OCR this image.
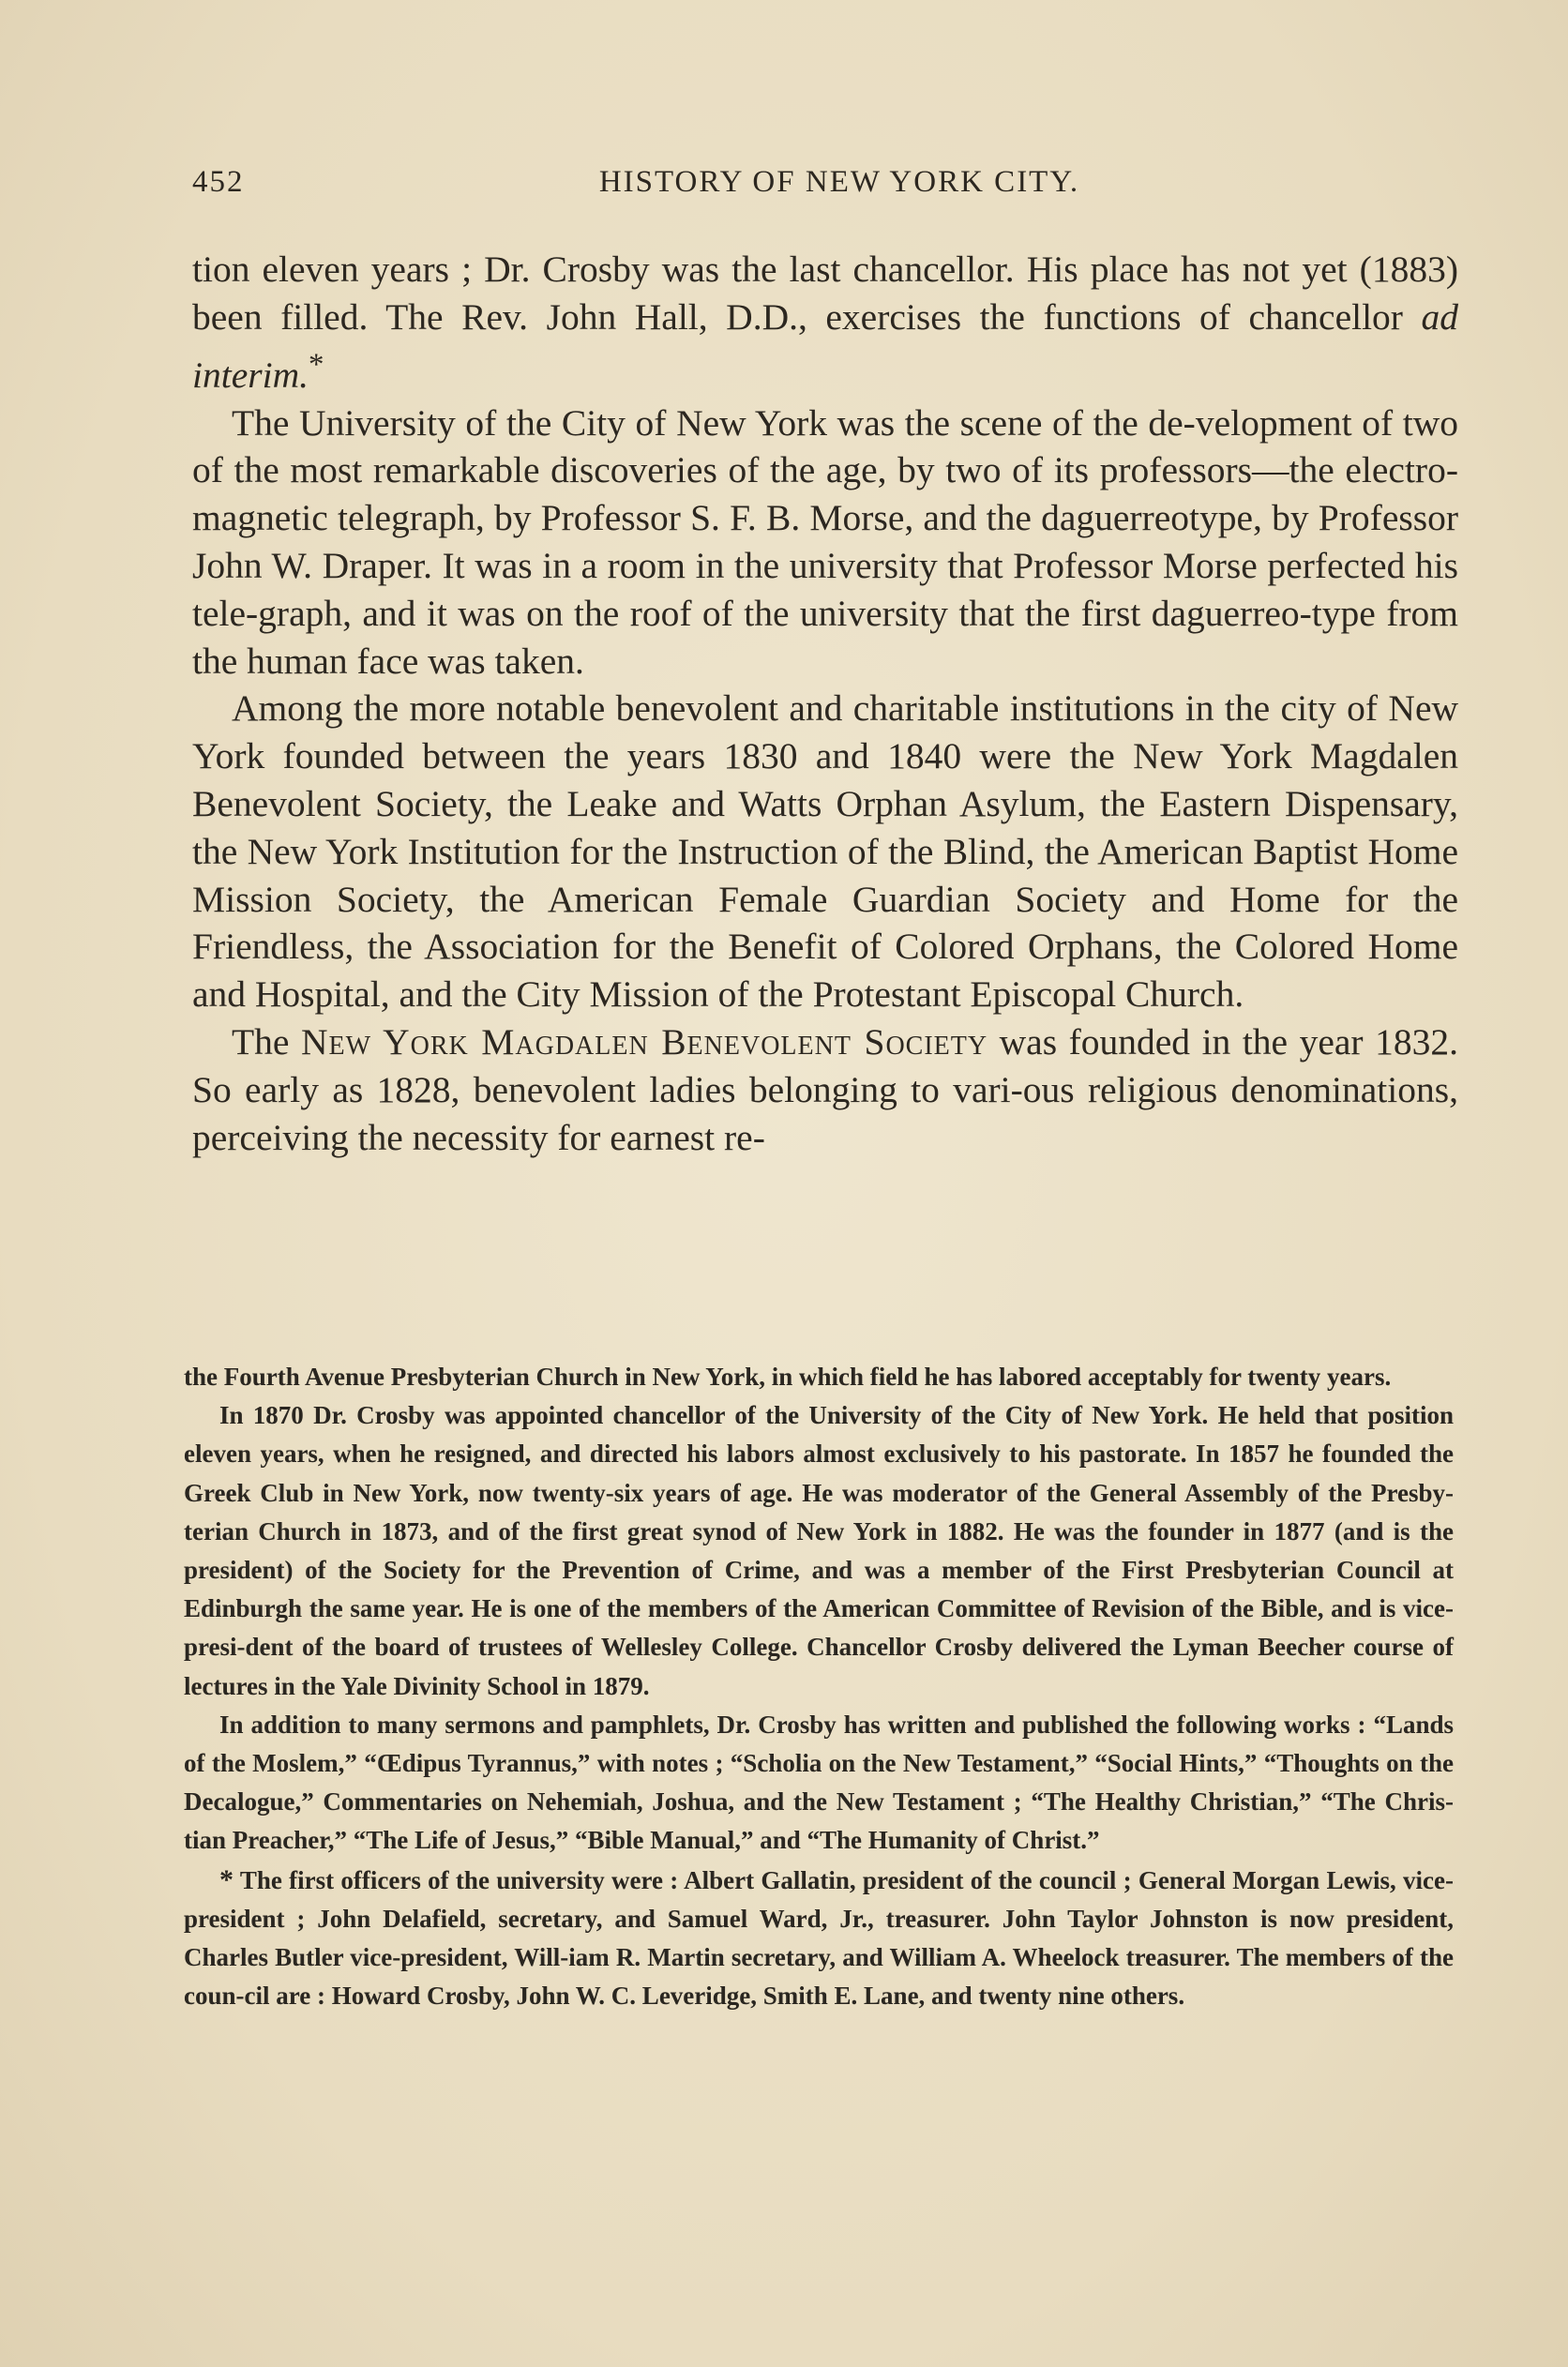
452	HISTORY OF NEW YORK CITY.

tion eleven years ; Dr. Crosby was the last chancellor. His place has not yet (1883) been filled. The Rev. John Hall, D.D., exercises the functions of chancellor ad interim.*

The University of the City of New York was the scene of the de-velopment of two of the most remarkable discoveries of the age, by two of its professors—the electro-magnetic telegraph, by Professor S. F. B. Morse, and the daguerreotype, by Professor John W. Draper. It was in a room in the university that Professor Morse perfected his tele-graph, and it was on the roof of the university that the first daguerreo-type from the human face was taken.

Among the more notable benevolent and charitable institutions in the city of New York founded between the years 1830 and 1840 were the New York Magdalen Benevolent Society, the Leake and Watts Orphan Asylum, the Eastern Dispensary, the New York Institution for the Instruction of the Blind, the American Baptist Home Mission Society, the American Female Guardian Society and Home for the Friendless, the Association for the Benefit of Colored Orphans, the Colored Home and Hospital, and the City Mission of the Protestant Episcopal Church.

The New York Magdalen Benevolent Society was founded in the year 1832. So early as 1828, benevolent ladies belonging to vari-ous religious denominations, perceiving the necessity for earnest re-

the Fourth Avenue Presbyterian Church in New York, in which field he has labored acceptably for twenty years.

In 1870 Dr. Crosby was appointed chancellor of the University of the City of New York. He held that position eleven years, when he resigned, and directed his labors almost exclusively to his pastorate. In 1857 he founded the Greek Club in New York, now twenty-six years of age. He was moderator of the General Assembly of the Presby-terian Church in 1873, and of the first great synod of New York in 1882. He was the founder in 1877 (and is the president) of the Society for the Prevention of Crime, and was a member of the First Presbyterian Council at Edinburgh the same year. He is one of the members of the American Committee of Revision of the Bible, and is vice-presi-dent of the board of trustees of Wellesley College. Chancellor Crosby delivered the Lyman Beecher course of lectures in the Yale Divinity School in 1879.

In addition to many sermons and pamphlets, Dr. Crosby has written and published the following works : “Lands of the Moslem,” “Œdipus Tyrannus,” with notes ; “Scholia on the New Testament,” “Social Hints,” “Thoughts on the Decalogue,” Commentaries on Nehemiah, Joshua, and the New Testament ; “The Healthy Christian,” “The Chris-tian Preacher,” “The Life of Jesus,” “Bible Manual,” and “The Humanity of Christ.”

* The first officers of the university were : Albert Gallatin, president of the council ; General Morgan Lewis, vice-president ; John Delafield, secretary, and Samuel Ward, Jr., treasurer. John Taylor Johnston is now president, Charles Butler vice-president, Will-iam R. Martin secretary, and William A. Wheelock treasurer. The members of the coun-cil are : Howard Crosby, John W. C. Leveridge, Smith E. Lane, and twenty nine others.
